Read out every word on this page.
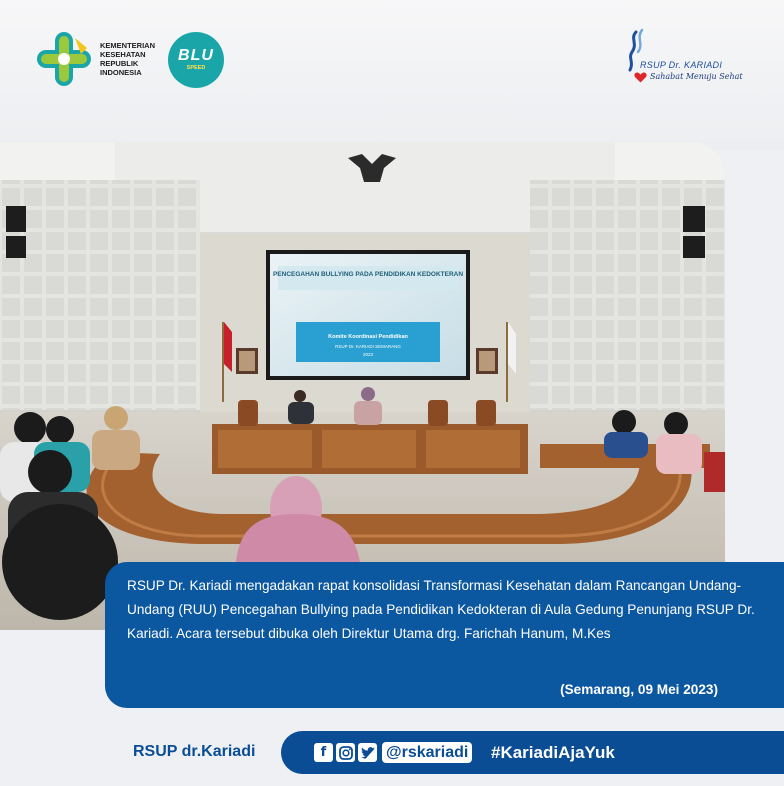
KEMENTERIAN
KESEHATAN
REPUBLIK
INDONESIA
BLU
SPEED	RSUP Dr. KARIADI
Sahabat Menuju Sehat
PENCEGAHAN BULLYING PADA PENDIDIKAN KEDOKTERAN
Komite Koordinasi Pendidikan
RSUP Dr. KARIADI SEMARANG
2023
RSUP Dr. Kariadi mengadakan rapat konsolidasi Transformasi Kesehatan dalam Rancangan Undang-Undang (RUU) Pencegahan Bullying pada Pendidikan Kedokteran di Aula Gedung Penunjang RSUP Dr. Kariadi. Acara tersebut dibuka oleh Direktur Utama drg. Farichah Hanum, M.Kes
(Semarang, 09 Mei 2023)
RSUP dr.Kariadi	f	@rskariadi #KariadiAjaYuk
